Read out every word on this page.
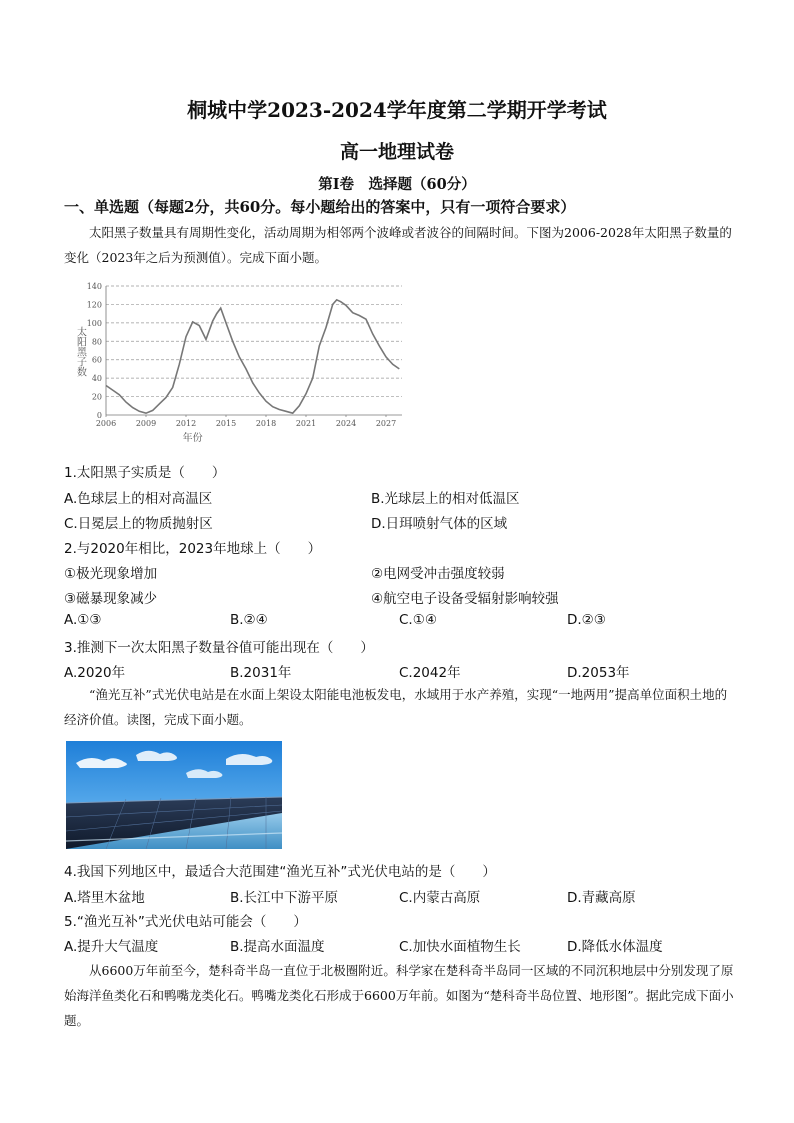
桐城中学2023-2024学年度第二学期开学考试
高一地理试卷
第Ⅰ卷　选择题（60分）
一、单选题（每题2分，共60分。每小题给出的答案中，只有一项符合要求）
太阳黑子数量具有周期性变化，活动周期为相邻两个波峰或者波谷的间隔时间。下图为2006-2028年太阳黑子数量的变化（2023年之后为预测值）。完成下面小题。
0
20
40
60
80
100
120
140
2006 2009 2012 2015 2018 2021 2024 2027
太阳黑子数
年份
1.太阳黑子实质是（　　）
A.色球层上的相对高温区	B.光球层上的相对低温区
C.日冕层上的物质抛射区	D.日珥喷射气体的区域
2.与2020年相比，2023年地球上（　　）
①极光现象增加	②电网受冲击强度较弱
③磁暴现象减少	④航空电子设备受辐射影响较强
A.①③	B.②④	C.①④	D.②③
3.推测下一次太阳黑子数量谷值可能出现在（　　）
A.2020年	B.2031年	C.2042年	D.2053年
“渔光互补”式光伏电站是在水面上架设太阳能电池板发电，水域用于水产养殖，实现“一地两用”提高单位面积土地的经济价值。读图，完成下面小题。
4.我国下列地区中，最适合大范围建“渔光互补”式光伏电站的是（　　）
A.塔里木盆地	B.长江中下游平原	C.内蒙古高原	D.青藏高原
5.“渔光互补”式光伏电站可能会（　　）
A.提升大气温度	B.提高水面温度	C.加快水面植物生长	D.降低水体温度
从6600万年前至今，楚科奇半岛一直位于北极圈附近。科学家在楚科奇半岛同一区域的不同沉积地层中分别发现了原始海洋鱼类化石和鸭嘴龙类化石。鸭嘴龙类化石形成于6600万年前。如图为“楚科奇半岛位置、地形图”。据此完成下面小题。
